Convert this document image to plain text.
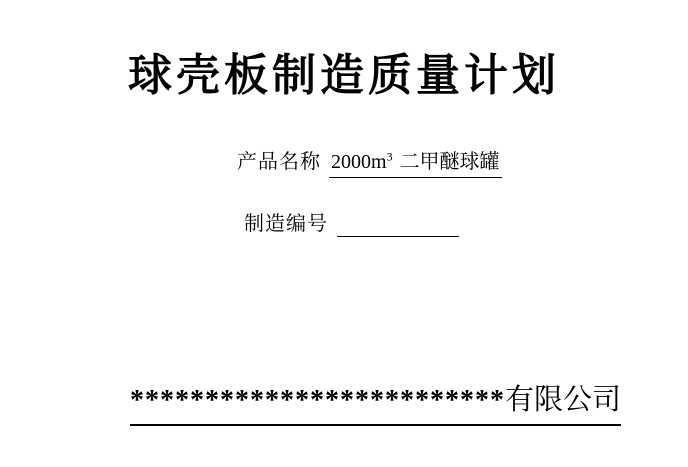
球壳板制造质量计划
产品名称 $2000m^3$ 二甲醚球罐
制造编号
*************************有限公司
